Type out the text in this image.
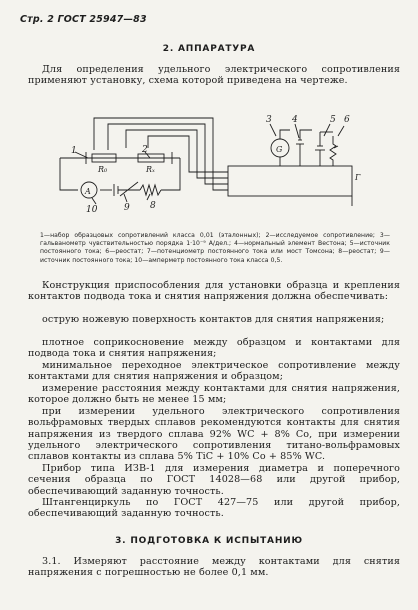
Стр. 2 ГОСТ 25947—83
2. АППАРАТУРА

Для определения удельного электрического сопротивления применяют установку, схема которой приведена на чертеже.

1	2
R₀	Rₓ
A
10	9 8
G
3 4	5 6
Г

1—набор образцовых сопротивлений класса 0,01 (эталонных); 2—исследуемое сопротивление; 3—гальванометр чувствительностью порядка 1·10⁻⁹ А/дел.; 4—нормальный элемент Вестона; 5—источник постоянного тока; 6—реостат; 7—потенциометр постоянного тока или мост Томсона; 8—реостат; 9—источник постоянного тока; 10—амперметр постоянного тока класса 0,5.

Конструкция приспособления для установки образца и крепления контактов подвода тока и снятия напряжения должна обеспечивать:

острую ножевую поверхность контактов для снятия напряжения;

плотное соприкосновение между образцом и контактами для подвода тока и снятия напряжения;

минимальное переходное электрическое сопротивление между контактами для снятия напряжения и образцом;

измерение расстояния между контактами для снятия напряжения, которое должно быть не менее 15 мм;

при измерении удельного электрического сопротивления вольфрамовых твердых сплавов рекомендуются контакты для снятия напряжения из твердого сплава 92% WC + 8% Co, при измерении удельного электрического сопротивления титано-вольфрамовых сплавов контакты из сплава 5% TiC + 10% Co + 85% WC.

Прибор типа ИЗВ-1 для измерения диаметра и поперечного сечения образца по ГОСТ 14028—68 или другой прибор, обеспечивающий заданную точность.

Штангенциркуль по ГОСТ 427—75 или другой прибор, обеспечивающий заданную точность.

3. ПОДГОТОВКА К ИСПЫТАНИЮ

3.1. Измеряют расстояние между контактами для снятия напряжения с погрешностью не более 0,1 мм.
